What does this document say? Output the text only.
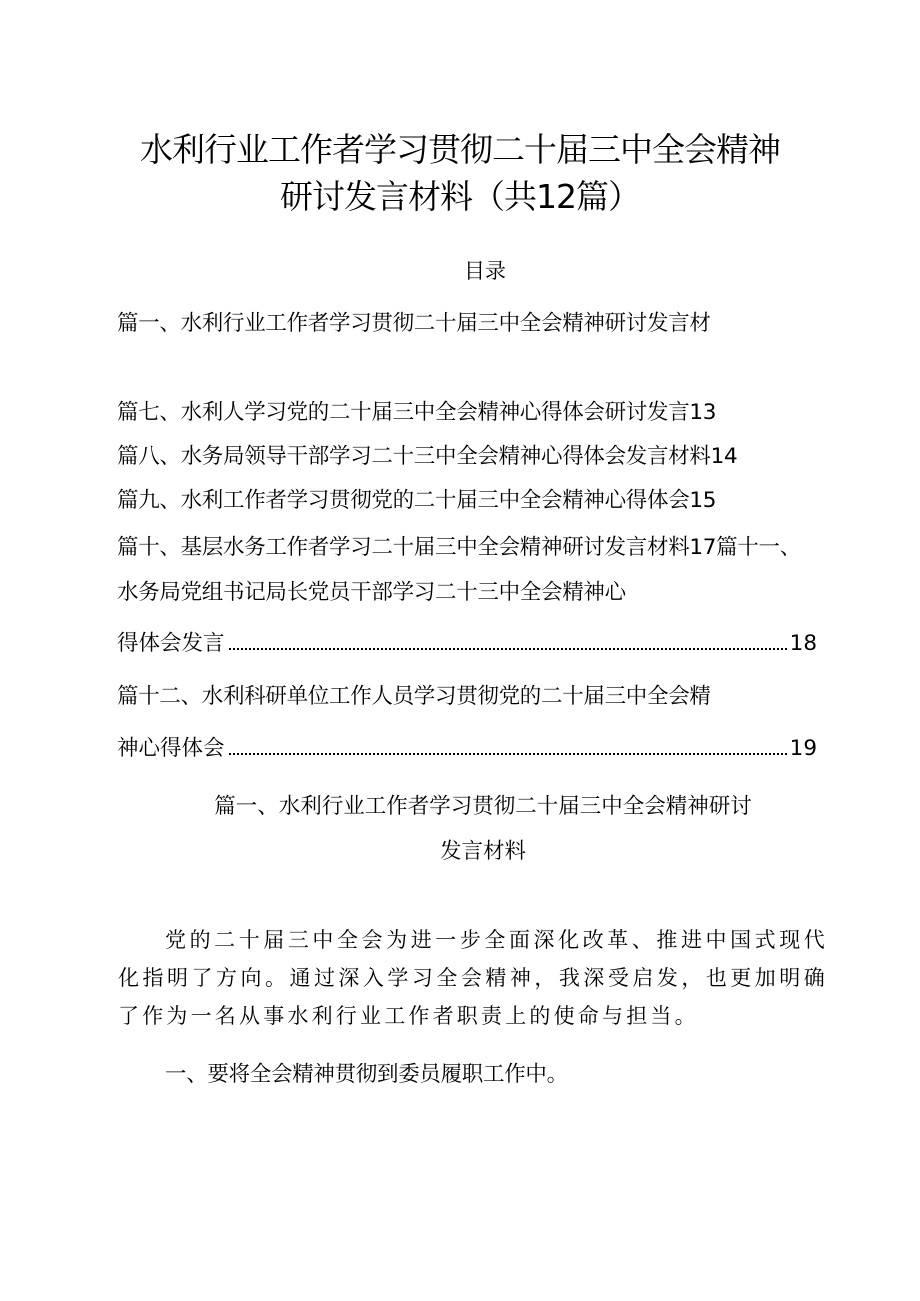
水利行业工作者学习贯彻二十届三中全会精神
研讨发言材料（共12篇）
目录
篇一、水利行业工作者学习贯彻二十届三中全会精神研讨发言材
篇七、水利人学习党的二十届三中全会精神心得体会研讨发言13
篇八、水务局领导干部学习二十三中全会精神心得体会发言材料14
篇九、水利工作者学习贯彻党的二十届三中全会精神心得体会15
篇十、基层水务工作者学习二十届三中全会精神研讨发言材料17篇十一、
水务局党组书记局长党员干部学习二十三中全会精神心
得体会发言	18
篇十二、水利科研单位工作人员学习贯彻党的二十届三中全会精
神心得体会	19
篇一、水利行业工作者学习贯彻二十届三中全会精神研讨
发言材料
党的二十届三中全会为进一步全面深化改革、推进中国式现代化指明了方向。通过深入学习全会精神，我深受启发，也更加明确了作为一名从事水利行业工作者职责上的使命与担当。
一、要将全会精神贯彻到委员履职工作中。
